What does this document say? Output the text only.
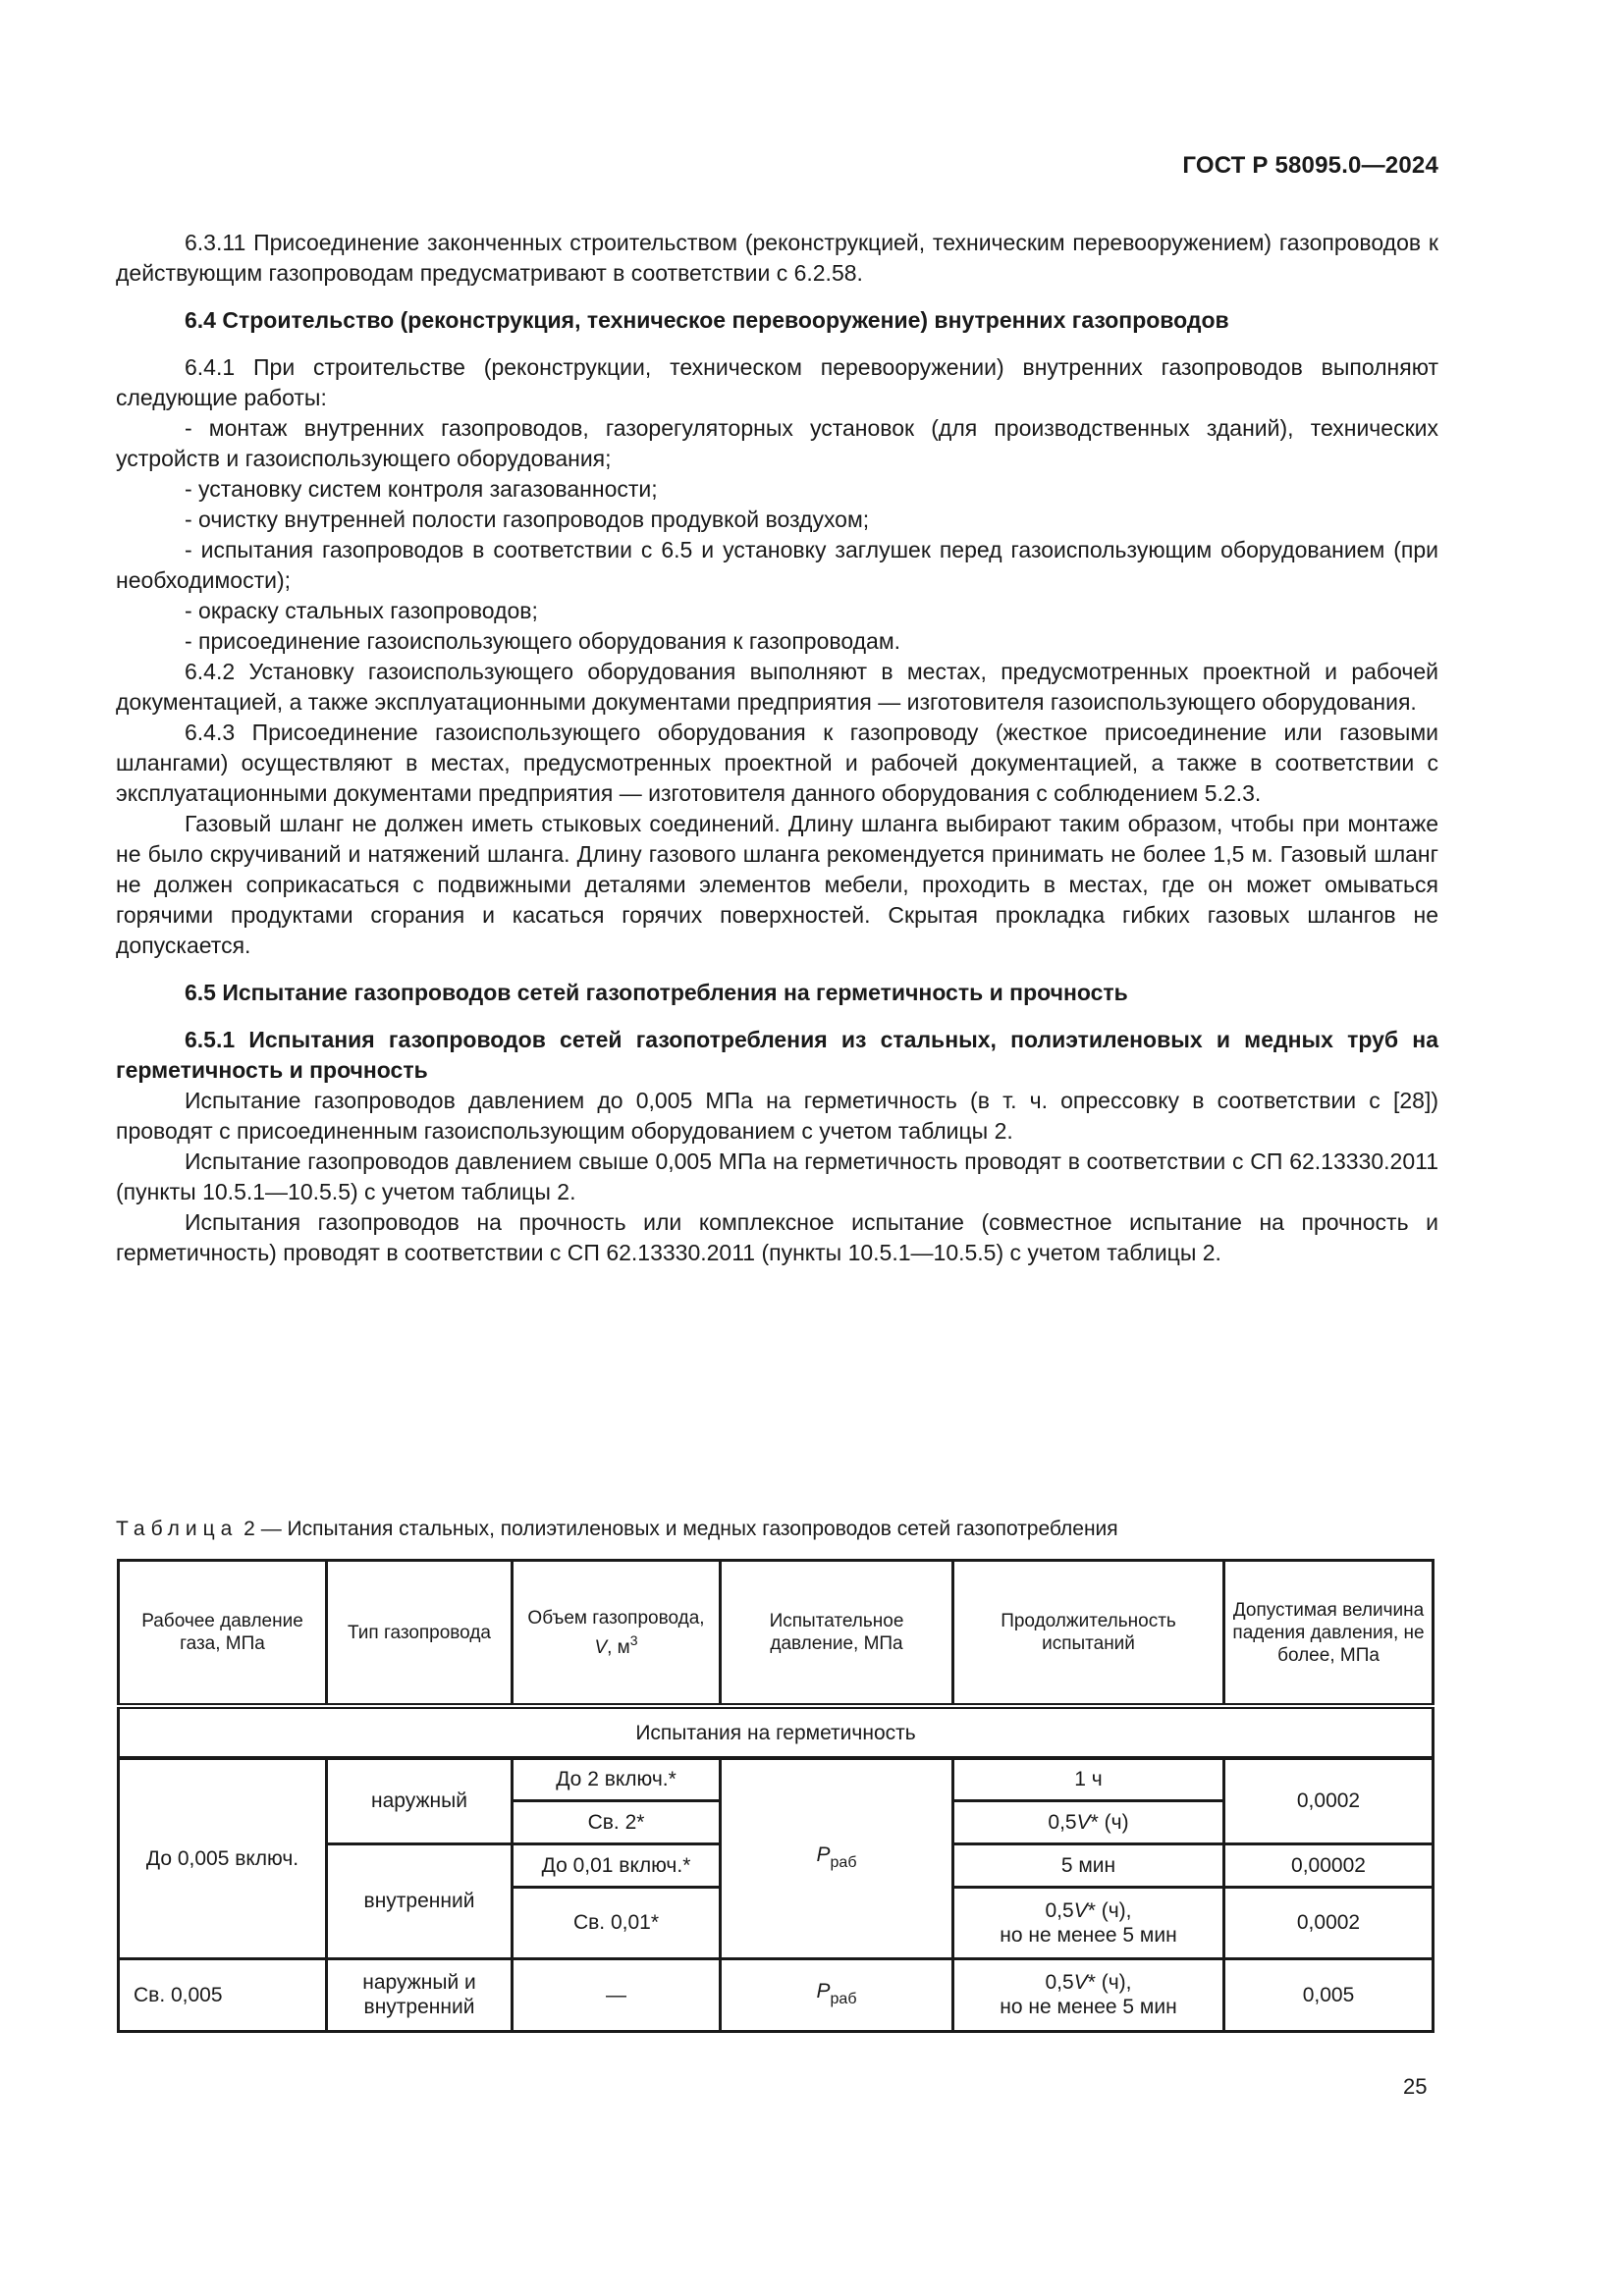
ГОСТ Р 58095.0—2024

6.3.11 Присоединение законченных строительством (реконструкцией, техническим перевооружением) газопроводов к действующим газопроводам предусматривают в соответствии с 6.2.58.

6.4 Строительство (реконструкция, техническое перевооружение) внутренних газопроводов

6.4.1 При строительстве (реконструкции, техническом перевооружении) внутренних газопроводов выполняют следующие работы:

- монтаж внутренних газопроводов, газорегуляторных установок (для производственных зданий), технических устройств и газоиспользующего оборудования;

- установку систем контроля загазованности;

- очистку внутренней полости газопроводов продувкой воздухом;

- испытания газопроводов в соответствии с 6.5 и установку заглушек перед газоиспользующим оборудованием (при необходимости);

- окраску стальных газопроводов;

- присоединение газоиспользующего оборудования к газопроводам.

6.4.2 Установку газоиспользующего оборудования выполняют в местах, предусмотренных проектной и рабочей документацией, а также эксплуатационными документами предприятия — изготовителя газоиспользующего оборудования.

6.4.3 Присоединение газоиспользующего оборудования к газопроводу (жесткое присоединение или газовыми шлангами) осуществляют в местах, предусмотренных проектной и рабочей документацией, а также в соответствии с эксплуатационными документами предприятия — изготовителя данного оборудования с соблюдением 5.2.3.

Газовый шланг не должен иметь стыковых соединений. Длину шланга выбирают таким образом, чтобы при монтаже не было скручиваний и натяжений шланга. Длину газового шланга рекомендуется принимать не более 1,5 м. Газовый шланг не должен соприкасаться с подвижными деталями элементов мебели, проходить в местах, где он может омываться горячими продуктами сгорания и касаться горячих поверхностей. Скрытая прокладка гибких газовых шлангов не допускается.

6.5 Испытание газопроводов сетей газопотребления на герметичность и прочность

6.5.1 Испытания газопроводов сетей газопотребления из стальных, полиэтиленовых и медных труб на герметичность и прочность

Испытание газопроводов давлением до 0,005 МПа на герметичность (в т. ч. опрессовку в соответствии с [28]) проводят с присоединенным газоиспользующим оборудованием с учетом таблицы 2.

Испытание газопроводов давлением свыше 0,005 МПа на герметичность проводят в соответствии с СП 62.13330.2011 (пункты 10.5.1—10.5.5) с учетом таблицы 2.

Испытания газопроводов на прочность или комплексное испытание (совместное испытание на прочность и герметичность) проводят в соответствии с СП 62.13330.2011 (пункты 10.5.1—10.5.5) с учетом таблицы 2.

Таблица 2 — Испытания стальных, полиэтиленовых и медных газопроводов сетей газопотребления
Рабочее давление газа, МПа	Тип газопровода	Объем газопровода,
V, $м^3$	Испытательное давление, МПа	Продолжительность испытаний	Допустимая величина падения давления, не более, МПа
Испытания на герметичность					
До 0,005 включ.	наружный	До 2 включ.*	$P_{раб}$	1 ч	0,0002
		Св. 2*		0,5V* (ч)	
	внутренний	До 0,01 включ.*		5 мин	0,00002
		Св. 0,01*		0,5V* (ч),
но не менее 5 мин	0,0002
Св. 0,005	наружный и внутренний	—	$P_{раб}$	0,5V* (ч),
но не менее 5 мин	0,005
25
